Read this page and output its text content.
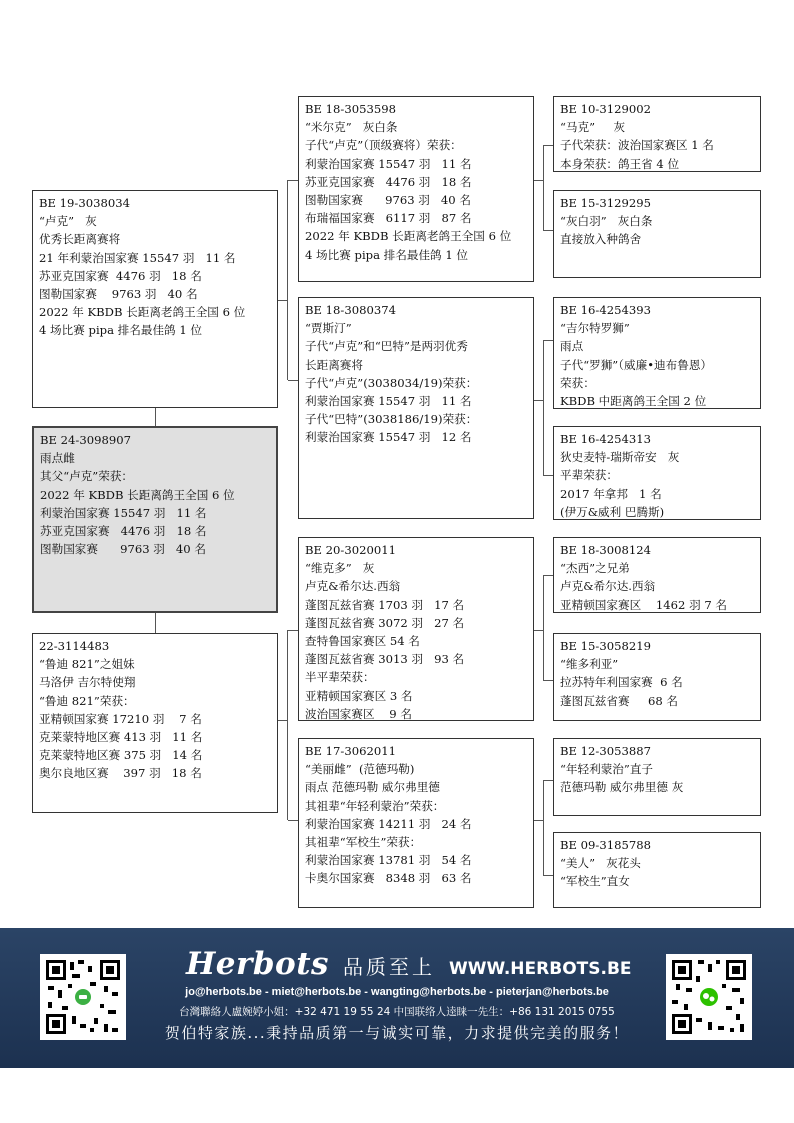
BE 19-3038034
“卢克”   灰
优秀长距离赛将
21 年利蒙治国家赛 15547 羽   11 名
苏亚克国家赛  4476 羽   18 名
图勒国家赛    9763 羽   40 名
2022 年 KBDB 长距离老鸽王全国 6 位
4 场比赛 pipa 排名最佳鸽 1 位
BE 24-3098907
雨点雌
其父“卢克”荣获：
2022 年 KBDB 长距离鸽王全国 6 位
利蒙治国家赛 15547 羽   11 名
苏亚克国家赛   4476 羽   18 名
图勒国家赛      9763 羽   40 名
22-3114483
“鲁迪 821”之姐妹
马洛伊 吉尔特使翔
“鲁迪 821”荣获：
亚精顿国家赛 17210 羽    7 名
克莱蒙特地区赛 413 羽   11 名
克莱蒙特地区赛 375 羽   14 名
奥尔良地区赛    397 羽   18 名
BE 18-3053598
“米尔克”   灰白条
子代“卢克”（顶级赛将）荣获：
利蒙治国家赛 15547 羽   11 名
苏亚克国家赛   4476 羽   18 名
图勒国家赛      9763 羽   40 名
布瑞福国家赛   6117 羽   87 名
2022 年 KBDB 长距离老鸽王全国 6 位
4 场比赛 pipa 排名最佳鸽 1 位
BE 18-3080374
“贾斯汀”
子代“卢克”和“巴特”是两羽优秀
长距离赛将
子代“卢克”(3038034/19)荣获：
利蒙治国家赛 15547 羽   11 名
子代“巴特”(3038186/19)荣获：
利蒙治国家赛 15547 羽   12 名
BE 20-3020011
“维克多”   灰
卢克&希尔达.西翁
蓬图瓦兹省赛 1703 羽   17 名
蓬图瓦兹省赛 3072 羽   27 名
查特鲁国家赛区 54 名
蓬图瓦兹省赛 3013 羽   93 名
半平辈荣获：
亚精顿国家赛区 3 名
波治国家赛区    9 名
BE 17-3062011
“美丽雌”  (范德玛勒)
雨点 范德玛勒 威尔弗里德
其祖辈“年轻利蒙治”荣获：
利蒙治国家赛 14211 羽   24 名
其祖辈“军校生”荣获：
利蒙治国家赛 13781 羽   54 名
卡奥尔国家赛   8348 羽   63 名
BE 10-3129002
“马克”     灰
子代荣获：波治国家赛区 1 名
本身荣获：鸽王省 4 位
BE 15-3129295
“灰白羽”   灰白条
直接放入种鸽舍
BE 16-4254393
“吉尔特罗狮”
雨点
子代“罗狮”（威廉•迪布鲁恩）
荣获：
KBDB 中距离鸽王全国 2 位
BE 16-4254313
狄史麦特-瑞斯帝安   灰
平辈荣获：
2017 年拿邦   1 名
(伊万&威利 巴腾斯)
BE 18-3008124
“杰西”之兄弟
卢克&希尔达.西翁
亚精顿国家赛区    1462 羽 7 名
BE 15-3058219
“维多利亚”
拉苏特年利国家赛  6 名
蓬图瓦兹省赛     68 名
BE 12-3053887
“年轻利蒙治”直子
范德玛勒 威尔弗里德 灰
BE 09-3185788
“美人”   灰花头
“军校生”直女
Herbots 品质至上 WWW.HERBOTS.BE
jo@herbots.be - miet@herbots.be - wangting@herbots.be - pieterjan@herbots.be
台灣聯絡人盧婉婷小姐：+32 471 19 55 24 中国联络人逵睐一先生：+86 131 2015 0755
贺伯特家族...秉持品质第一与诚实可靠，力求提供完美的服务！
